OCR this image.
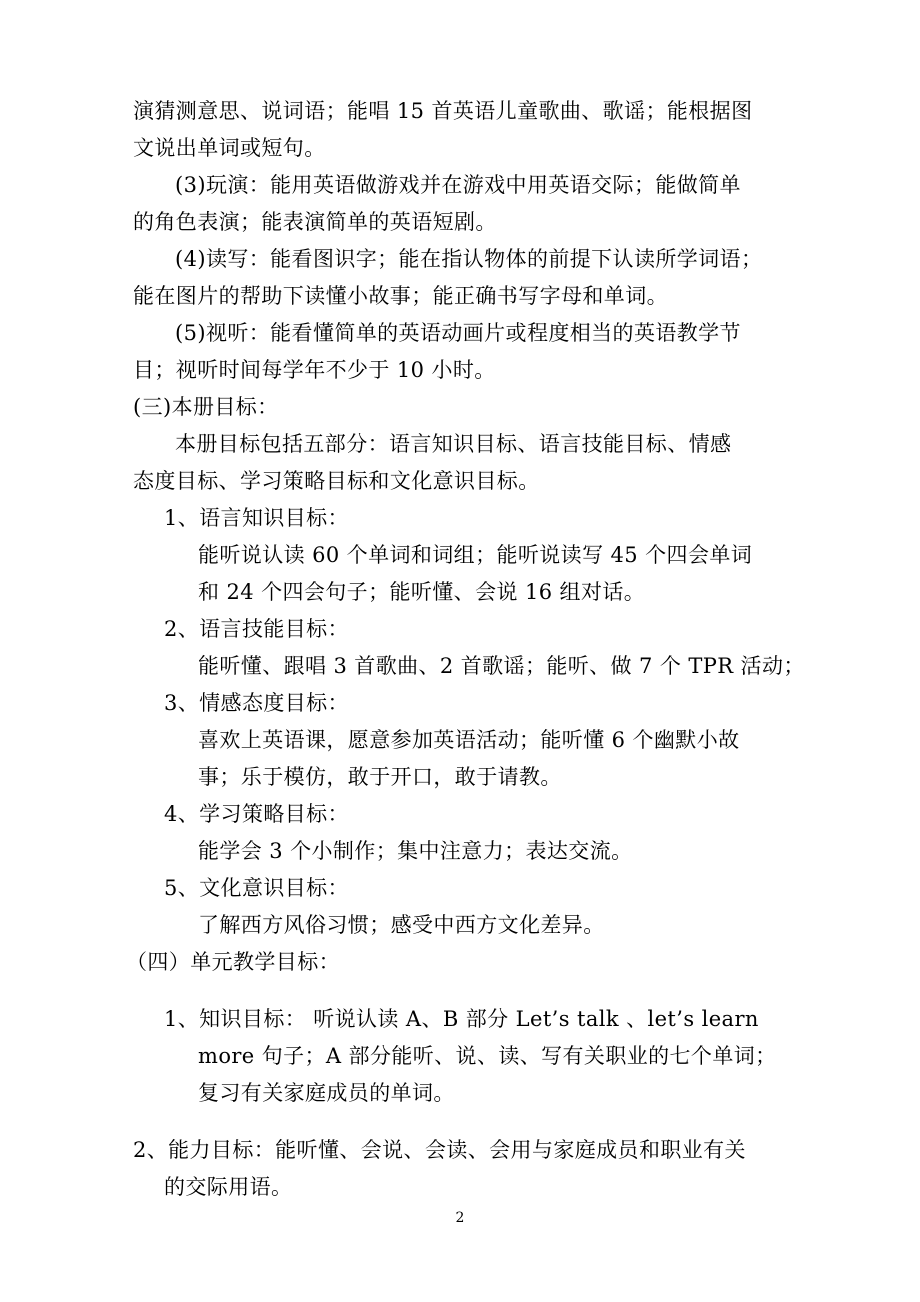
演猜测意思、说词语；能唱 15 首英语儿童歌曲、歌谣；能根据图
文说出单词或短句。
(3)玩演：能用英语做游戏并在游戏中用英语交际；能做简单
的角色表演；能表演简单的英语短剧。
(4)读写：能看图识字；能在指认物体的前提下认读所学词语；
能在图片的帮助下读懂小故事；能正确书写字母和单词。
(5)视听：能看懂简单的英语动画片或程度相当的英语教学节
目；视听时间每学年不少于 10 小时。
(三)本册目标：
本册目标包括五部分：语言知识目标、语言技能目标、情感
态度目标、学习策略目标和文化意识目标。
1、语言知识目标：
能听说认读 60 个单词和词组；能听说读写 45 个四会单词
和 24 个四会句子；能听懂、会说 16 组对话。
2、语言技能目标：
能听懂、跟唱 3 首歌曲、2 首歌谣；能听、做 7 个 TPR 活动；
3、情感态度目标：
喜欢上英语课，愿意参加英语活动；能听懂 6 个幽默小故
事；乐于模仿，敢于开口，敢于请教。
4、学习策略目标：
能学会 3 个小制作；集中注意力；表达交流。
5、文化意识目标：
了解西方风俗习惯；感受中西方文化差异。
（四）单元教学目标：
1、知识目标： 听说认读 A、B 部分 Let’s talk 、let’s learn
more 句子；A 部分能听、说、读、写有关职业的七个单词；
复习有关家庭成员的单词。
2、能力目标：能听懂、会说、会读、会用与家庭成员和职业有关
的交际用语。
2
